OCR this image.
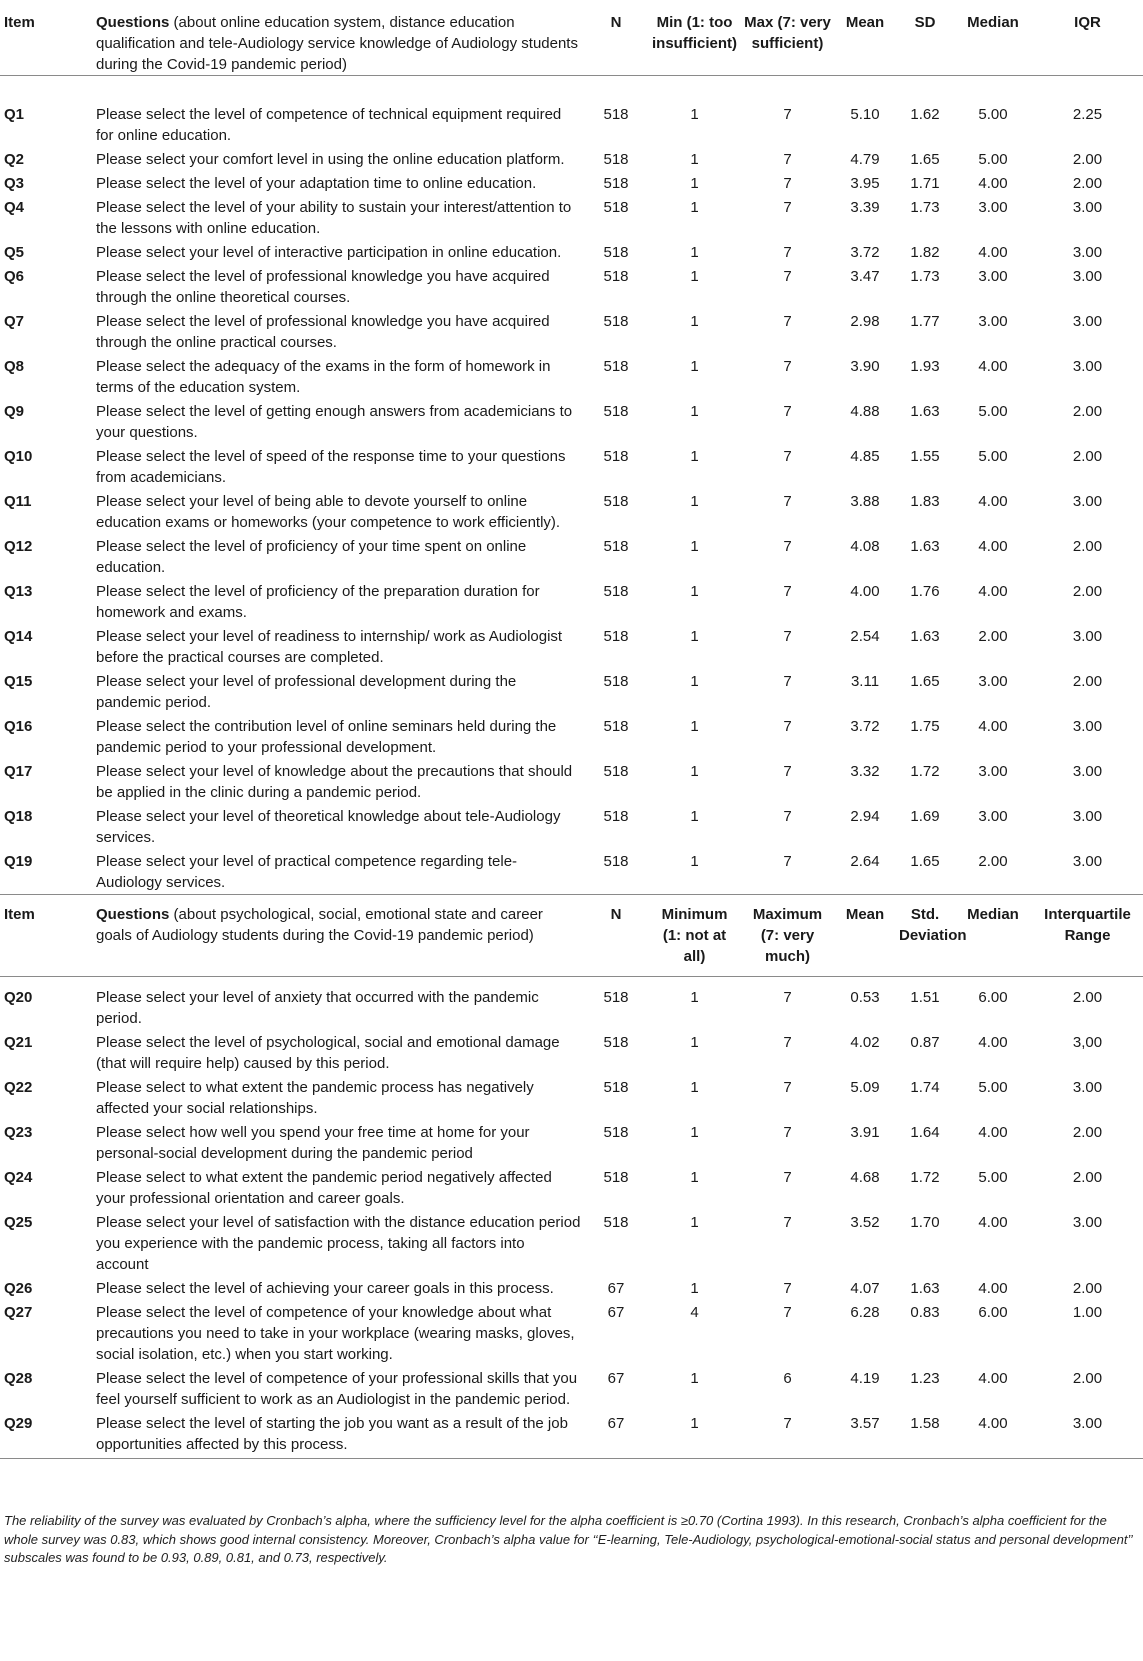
Item	Questions (about online education system, distance education qualification and tele-Audiology service knowledge of Audiology students during the Covid-19 pandemic period)	N	Min (1: too insufficient)	Max (7: very sufficient)	Mean	SD	Median	IQR
Q1	Please select the level of competence of technical equipment required for online education.	518	1	7	5.10	1.62	5.00	2.25
Q2	Please select your comfort level in using the online education platform.	518	1	7	4.79	1.65	5.00	2.00
Q3	Please select the level of your adaptation time to online education.	518	1	7	3.95	1.71	4.00	2.00
Q4	Please select the level of your ability to sustain your interest/attention to the lessons with online education.	518	1	7	3.39	1.73	3.00	3.00
Q5	Please select your level of interactive participation in online education.	518	1	7	3.72	1.82	4.00	3.00
Q6	Please select the level of professional knowledge you have acquired through the online theoretical courses.	518	1	7	3.47	1.73	3.00	3.00
Q7	Please select the level of professional knowledge you have acquired through the online practical courses.	518	1	7	2.98	1.77	3.00	3.00
Q8	Please select the adequacy of the exams in the form of homework in terms of the education system.	518	1	7	3.90	1.93	4.00	3.00
Q9	Please select the level of getting enough answers from academicians to your questions.	518	1	7	4.88	1.63	5.00	2.00
Q10	Please select the level of speed of the response time to your questions from academicians.	518	1	7	4.85	1.55	5.00	2.00
Q11	Please select your level of being able to devote yourself to online education exams or homeworks (your competence to work efficiently).	518	1	7	3.88	1.83	4.00	3.00
Q12	Please select the level of proficiency of your time spent on online education.	518	1	7	4.08	1.63	4.00	2.00
Q13	Please select the level of proficiency of the preparation duration for homework and exams.	518	1	7	4.00	1.76	4.00	2.00
Q14	Please select your level of readiness to internship/ work as Audiologist before the practical courses are completed.	518	1	7	2.54	1.63	2.00	3.00
Q15	Please select your level of professional development during the pandemic period.	518	1	7	3.11	1.65	3.00	2.00
Q16	Please select the contribution level of online seminars held during the pandemic period to your professional development.	518	1	7	3.72	1.75	4.00	3.00
Q17	Please select your level of knowledge about the precautions that should be applied in the clinic during a pandemic period.	518	1	7	3.32	1.72	3.00	3.00
Q18	Please select your level of theoretical knowledge about tele-Audiology services.	518	1	7	2.94	1.69	3.00	3.00
Q19	Please select your level of practical competence regarding tele-Audiology services.	518	1	7	2.64	1.65	2.00	3.00
Item	Questions (about psychological, social, emotional state and career goals of Audiology students during the Covid-19 pandemic period)	N	Minimum (1: not at all)	Maximum (7: very much)	Mean	Std. Deviation	Median	Interquartile Range
Q20	Please select your level of anxiety that occurred with the pandemic period.	518	1	7	0.53	1.51	6.00	2.00
Q21	Please select the level of psychological, social and emotional damage (that will require help) caused by this period.	518	1	7	4.02	0.87	4.00	3,00
Q22	Please select to what extent the pandemic process has negatively affected your social relationships.	518	1	7	5.09	1.74	5.00	3.00
Q23	Please select how well you spend your free time at home for your personal-social development during the pandemic period	518	1	7	3.91	1.64	4.00	2.00
Q24	Please select to what extent the pandemic period negatively affected your professional orientation and career goals.	518	1	7	4.68	1.72	5.00	2.00
Q25	Please select your level of satisfaction with the distance education period you experience with the pandemic process, taking all factors into account	518	1	7	3.52	1.70	4.00	3.00
Q26	Please select the level of achieving your career goals in this process.	67	1	7	4.07	1.63	4.00	2.00
Q27	Please select the level of competence of your knowledge about what precautions you need to take in your workplace (wearing masks, gloves, social isolation, etc.) when you start working.	67	4	7	6.28	0.83	6.00	1.00
Q28	Please select the level of competence of your professional skills that you feel yourself sufficient to work as an Audiologist in the pandemic period.	67	1	6	4.19	1.23	4.00	2.00
Q29	Please select the level of starting the job you want as a result of the job opportunities affected by this process.	67	1	7	3.57	1.58	4.00	3.00

The reliability of the survey was evaluated by Cronbach’s alpha, where the sufficiency level for the alpha coefficient is ≥0.70 (Cortina 1993). In this research, Cronbach’s alpha coefficient for the whole survey was 0.83, which shows good internal consistency. Moreover, Cronbach’s alpha value for ‘‘E-learning, Tele-Audiology, psychological-emotional-social status and personal development’’ subscales was found to be 0.93, 0.89, 0.81, and 0.73, respectively.
